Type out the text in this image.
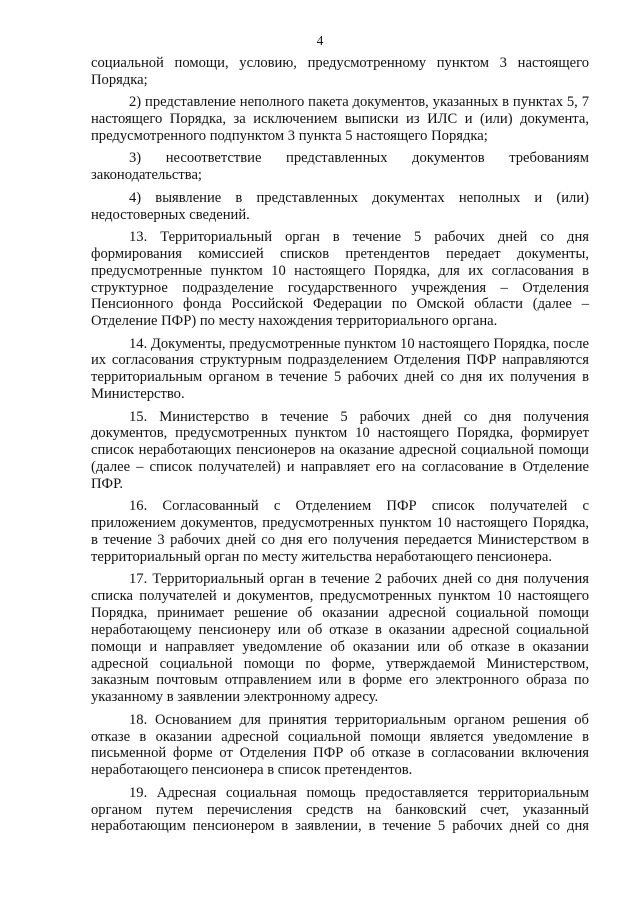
4

социальной помощи, условию, предусмотренному пунктом 3 настоящего Порядка;

2) представление неполного пакета документов, указанных в пунктах 5, 7 настоящего Порядка, за исключением выписки из ИЛС и (или) документа, предусмотренного подпунктом 3 пункта 5 настоящего Порядка;

3) несоответствие представленных документов требованиям законодательства;

4) выявление в представленных документах неполных и (или) недостоверных сведений.

13. Территориальный орган в течение 5 рабочих дней со дня формирования комиссией списков претендентов передает документы, предусмотренные пунктом 10 настоящего Порядка, для их согласования в структурное подразделение государственного учреждения – Отделения Пенсионного фонда Российской Федерации по Омской области (далее – Отделение ПФР) по месту нахождения территориального органа.

14. Документы, предусмотренные пунктом 10 настоящего Порядка, после их согласования структурным подразделением Отделения ПФР направляются территориальным органом в течение 5 рабочих дней со дня их получения в Министерство.

15. Министерство в течение 5 рабочих дней со дня получения документов, предусмотренных пунктом 10 настоящего Порядка, формирует список неработающих пенсионеров на оказание адресной социальной помощи (далее – список получателей) и направляет его на согласование в Отделение ПФР.

16. Согласованный с Отделением ПФР список получателей с приложением документов, предусмотренных пунктом 10 настоящего Порядка, в течение 3 рабочих дней со дня его получения передается Министерством в территориальный орган по месту жительства неработающего пенсионера.

17. Территориальный орган в течение 2 рабочих дней со дня получения списка получателей и документов, предусмотренных пунктом 10 настоящего Порядка, принимает решение об оказании адресной социальной помощи неработающему пенсионеру или об отказе в оказании адресной социальной помощи и направляет уведомление об оказании или об отказе в оказании адресной социальной помощи по форме, утверждаемой Министерством, заказным почтовым отправлением или в форме его электронного образа по указанному в заявлении электронному адресу.

18. Основанием для принятия территориальным органом решения об отказе в оказании адресной социальной помощи является уведомление в письменной форме от Отделения ПФР об отказе в согласовании включения неработающего пенсионера в список претендентов.

19. Адресная социальная помощь предоставляется территориальным органом путем перечисления средств на банковский счет, указанный неработающим пенсионером в заявлении, в течение 5 рабочих дней со дня
